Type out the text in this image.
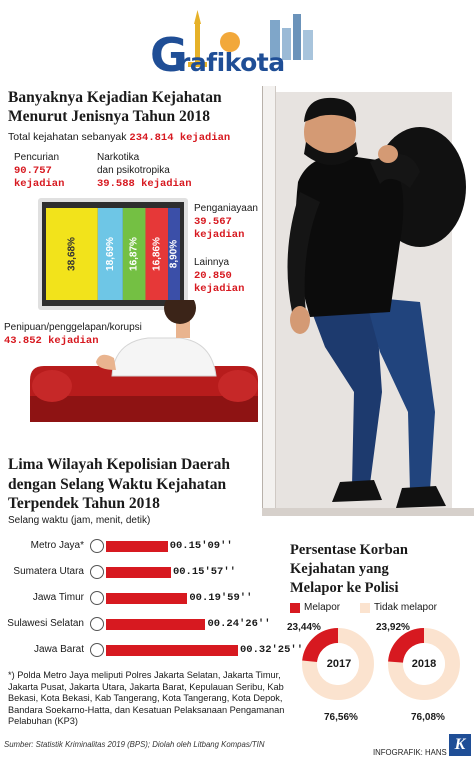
G
rafikota
Banyaknya Kejadian Kejahatan
Menurut Jenisnya Tahun 2018
Total kejahatan sebanyak 234.814 kejadian
Pencurian
90.757
kejadian
Narkotika
dan psikotropika
39.588 kejadian
Penganiayaan
39.567
kejadian
Lainnya
20.850
kejadian
Penipuan/penggelapan/korupsi
43.852 kejadian
38,68%	18,69% 16,87% 16,86% 8,90%
Lima Wilayah Kepolisian Daerah
dengan Selang Waktu Kejahatan
Terpendek Tahun 2018
Selang waktu (jam, menit, detik)
Metro Jaya*	00.15'09''
Sumatera Utara	00.15'57''
Jawa Timur	00.19'59''
Sulawesi Selatan	00.24'26''
Jawa Barat	00.32'25''
*) Polda Metro Jaya meliputi Polres Jakarta Selatan, Jakarta Timur, Jakarta Pusat, Jakarta Utara, Jakarta Barat, Kepulauan Seribu, Kab Bekasi, Kota Bekasi, Kab Tangerang, Kota Tangerang, Kota Depok, Bandara Soekarno-Hatta, dan Kesatuan Pelaksanaan Pengamanan Pelabuhan (KP3)
Persentase Korban
Kejahatan yang
Melapor ke Polisi
Melapor	Tidak melapor
2017	2018
23,44%	23,92%
76,56%	76,08%
Sumber: Statistik Kriminalitas 2019 (BPS); Diolah oleh Litbang Kompas/TIN
INFOGRAFIK: HANS K
